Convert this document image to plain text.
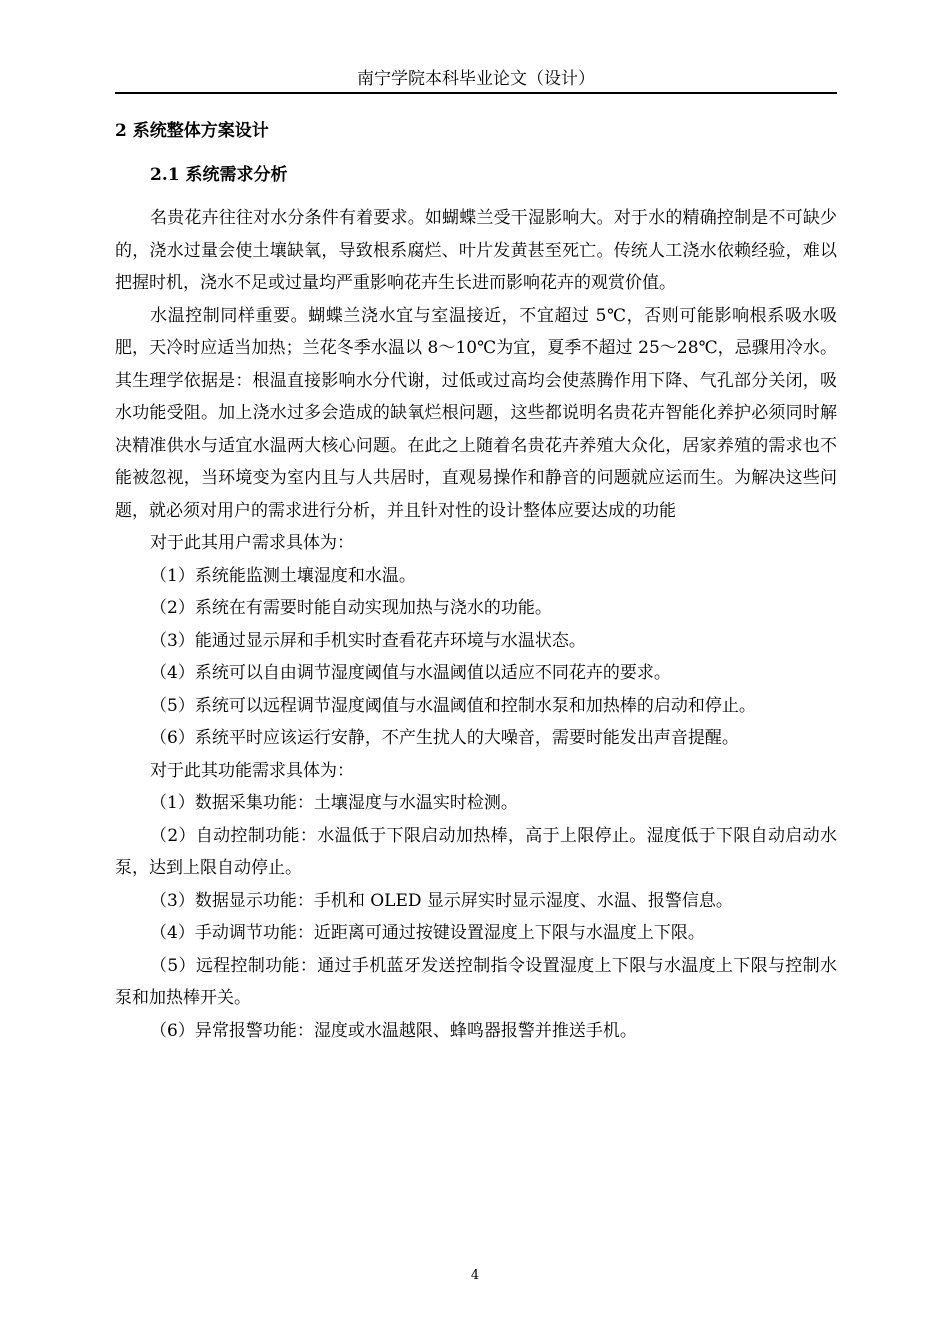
南宁学院本科毕业论文（设计）
2 系统整体方案设计
2.1 系统需求分析

名贵花卉往往对水分条件有着要求。如蝴蝶兰受干湿影响大。对于水的精确控制是不可缺少的，浇水过量会使土壤缺氧，导致根系腐烂、叶片发黄甚至死亡。传统人工浇水依赖经验，难以把握时机，浇水不足或过量均严重影响花卉生长进而影响花卉的观赏价值。

水温控制同样重要。蝴蝶兰浇水宜与室温接近，不宜超过 5℃，否则可能影响根系吸水吸肥，天冷时应适当加热；兰花冬季水温以 8～10℃为宜，夏季不超过 25～28℃，忌骤用冷水。其生理学依据是：根温直接影响水分代谢，过低或过高均会使蒸腾作用下降、气孔部分关闭，吸水功能受阻。加上浇水过多会造成的缺氧烂根问题，这些都说明名贵花卉智能化养护必须同时解决精准供水与适宜水温两大核心问题。在此之上随着名贵花卉养殖大众化，居家养殖的需求也不能被忽视，当环境变为室内且与人共居时，直观易操作和静音的问题就应运而生。为解决这些问题，就必须对用户的需求进行分析，并且针对性的设计整体应要达成的功能

对于此其用户需求具体为：

（1）系统能监测土壤湿度和水温。

（2）系统在有需要时能自动实现加热与浇水的功能。

（3）能通过显示屏和手机实时查看花卉环境与水温状态。

（4）系统可以自由调节湿度阈值与水温阈值以适应不同花卉的要求。

（5）系统可以远程调节湿度阈值与水温阈值和控制水泵和加热棒的启动和停止。

（6）系统平时应该运行安静，不产生扰人的大噪音，需要时能发出声音提醒。

对于此其功能需求具体为：

（1）数据采集功能：土壤湿度与水温实时检测。

（2）自动控制功能：水温低于下限启动加热棒，高于上限停止。湿度低于下限自动启动水泵，达到上限自动停止。

（3）数据显示功能：手机和 OLED 显示屏实时显示湿度、水温、报警信息。

（4）手动调节功能：近距离可通过按键设置湿度上下限与水温度上下限。

（5）远程控制功能：通过手机蓝牙发送控制指令设置湿度上下限与水温度上下限与控制水泵和加热棒开关。

（6）异常报警功能：湿度或水温越限、蜂鸣器报警并推送手机。

4
